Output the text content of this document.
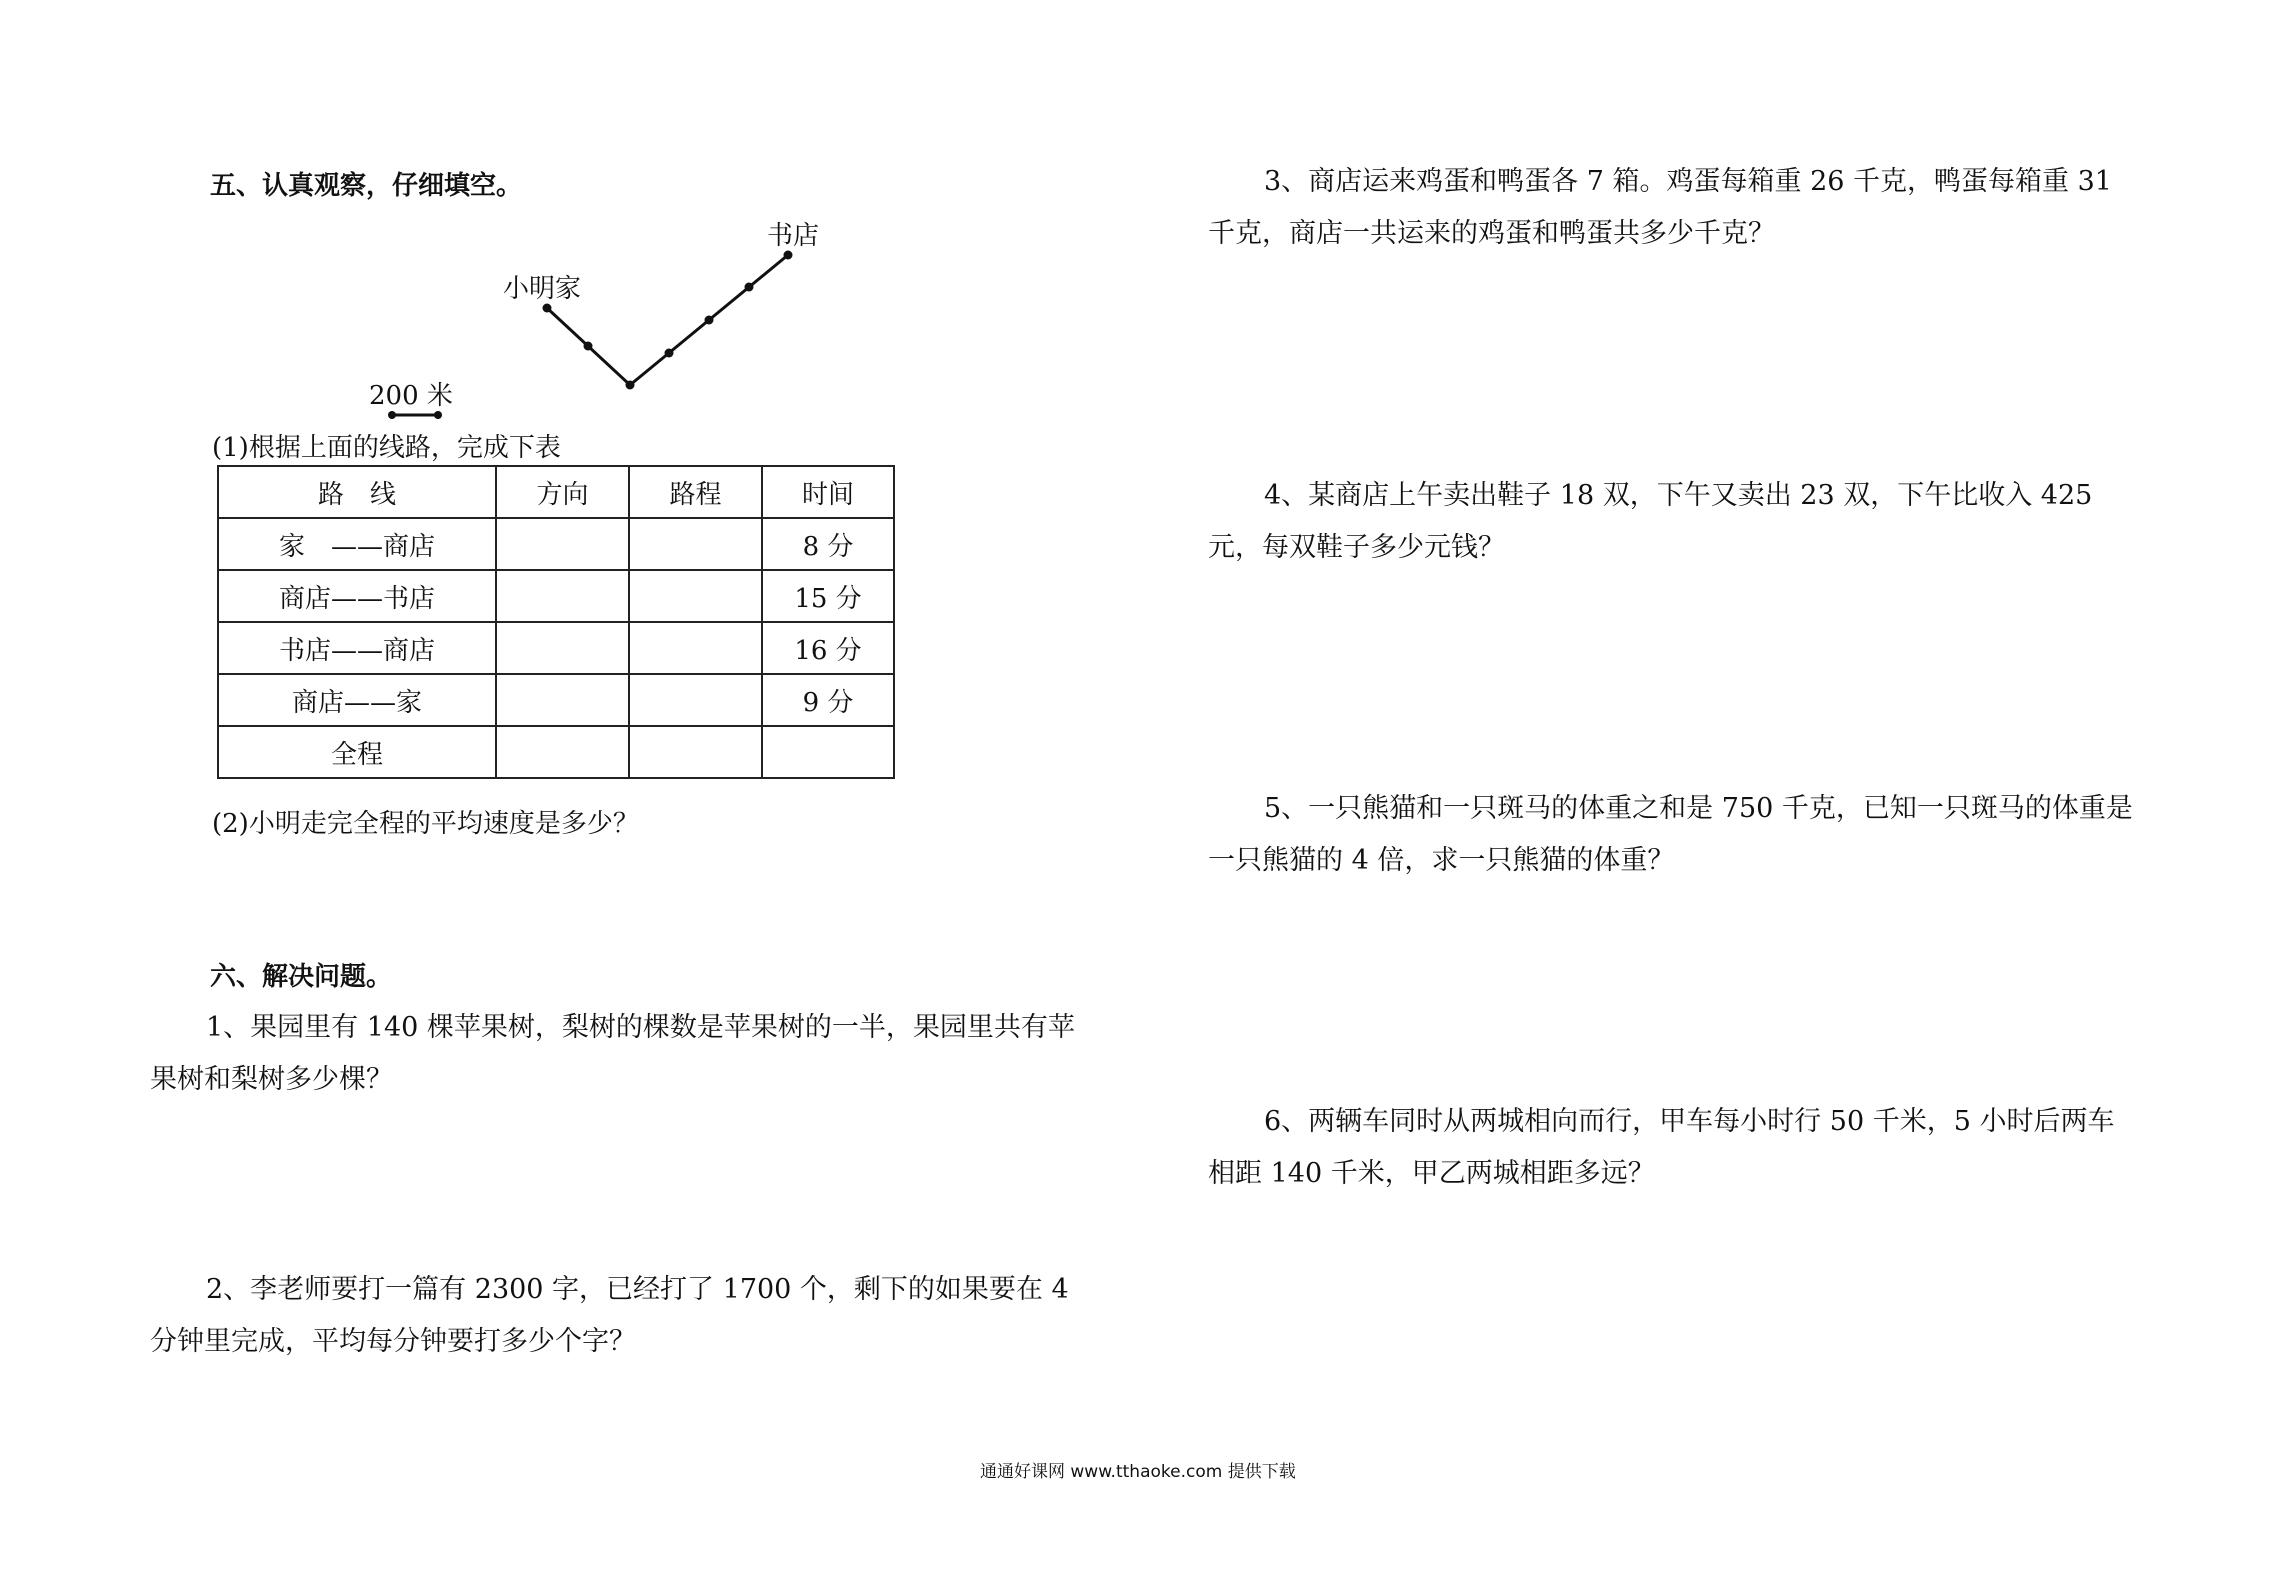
五、认真观察，仔细填空。
书店
小明家
200 米
(1)根据上面的线路，完成下表
路　线	方向	路程	时间
家　——商店			8 分
商店——书店			15 分
书店——商店			16 分
商店——家			9 分
全程			
(2)小明走完全程的平均速度是多少？
六、解决问题。
1、果园里有 140 棵苹果树，梨树的棵数是苹果树的一半，果园里共有苹果树和梨树多少棵？
2、李老师要打一篇有 2300 字，已经打了 1700 个，剩下的如果要在 4 分钟里完成，平均每分钟要打多少个字？
3、商店运来鸡蛋和鸭蛋各 7 箱。鸡蛋每箱重 26 千克，鸭蛋每箱重 31 千克，商店一共运来的鸡蛋和鸭蛋共多少千克？
4、某商店上午卖出鞋子 18 双，下午又卖出 23 双，下午比收入 425 元，每双鞋子多少元钱？
5、一只熊猫和一只斑马的体重之和是 750 千克，已知一只斑马的体重是一只熊猫的 4 倍，求一只熊猫的体重？
6、两辆车同时从两城相向而行，甲车每小时行 50 千米，5 小时后两车相距 140 千米，甲乙两城相距多远？
通通好课网 www.tthaoke.com 提供下载
